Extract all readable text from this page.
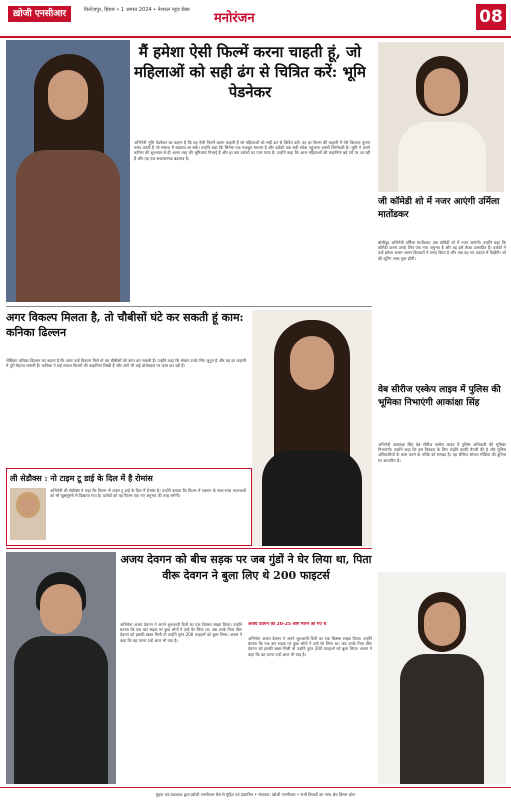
ख़ोजी एनसीआर	फ़िरोज़पुर, हिसार • 1 अगस्त 2024 • नेशनल न्यूज़ डेस्क
मनोरंजन	08
मैं हमेशा ऐसी फिल्में करना चाहती हूं, जो महिलाओं को सही ढंग से चित्रित करें: भूमि पेडनेकर
अभिनेत्री भूमि पेडनेकर का कहना है कि वह ऐसी फिल्में करना चाहती हैं जो महिलाओं को सही ढंग से चित्रित करें। वह हर फिल्म की कहानी में ऐसे किरदार चुनना पसंद करती हैं जो समाज में बदलाव ला सकें। उन्होंने कहा कि सिनेमा एक मजबूत माध्यम है और दर्शकों तक सही संदेश पहुंचाना हमारी जिम्मेदारी है। भूमि ने अपने करियर की शुरुआत से ही अलग तरह की भूमिकाएं निभाई हैं और हर बार दर्शकों का प्यार पाया है। उन्होंने कहा कि आज महिलाओं की कहानियां बड़े पर्दे पर आ रही हैं और यह एक सकारात्मक बदलाव है।
जी कॉमेडी शो में नजर आएंगी उर्मिला मातोंडकर
बॉलीवुड अभिनेत्री उर्मिला मातोंडकर अब कॉमेडी शो में नजर आएंगी। उन्होंने कहा कि कॉमेडी करना उनके लिए एक नया अनुभव है और वह इसे लेकर उत्साहित हैं। दर्शकों ने उन्हें हमेशा अलग-अलग किरदारों में पसंद किया है और अब वह नए अंदाज में दिखेंगी। शो की शूटिंग जल्द शुरू होगी।
अगर विकल्प मिलता है, तो चौबीसों घंटे कर सकती हूं काम: कनिका ढिल्लन
लेखिका कनिका ढिल्लन का कहना है कि अगर उन्हें विकल्प मिले तो वह चौबीसों घंटे काम कर सकती हैं। उन्होंने कहा कि लेखन उनके लिए जुनून है और वह हर कहानी में पूरी मेहनत लगाती हैं। कनिका ने कई सफल फिल्मों की कहानियां लिखी हैं और आगे भी कई प्रोजेक्ट्स पर काम कर रही हैं।
ली सेडौक्स : नो टाइम टू डाई के दिल में है रोमांस
अभिनेत्री ली सेडौक्स ने कहा कि फिल्म नो टाइम टू डाई के दिल में रोमांस है। उन्होंने बताया कि फिल्म में एक्शन के साथ-साथ भावनाओं को भी खूबसूरती से दिखाया गया है। दर्शकों को यह फिल्म एक नए अनुभव की तरह लगेगी।
वेब सीरीज एस्केप लाइव में पुलिस की भूमिका निभाएंगी आकांक्षा सिंह
अभिनेत्री आकांक्षा सिंह वेब सीरीज एस्केप लाइव में पुलिस अधिकारी की भूमिका निभाएंगी। उन्होंने कहा कि इस किरदार के लिए उन्होंने काफी तैयारी की है और पुलिस अधिकारियों के काम करने के तरीके को समझा है। यह सीरीज सोशल मीडिया की दुनिया पर आधारित है।
अजय देवगन को बीच सड़क पर जब गुंडों ने घेर लिया था, पिता वीरू देवगन ने बुला लिए थे 200 फाइटर्स
अभिनेता अजय देवगन ने अपने शुरुआती दिनों का एक किस्सा साझा किया। उन्होंने बताया कि एक बार सड़क पर कुछ लोगों ने उन्हें घेर लिया था। जब उनके पिता वीरू देवगन को इसकी खबर मिली तो उन्होंने तुरंत 200 फाइटर्स को बुला लिया। अजय ने कहा कि वह घटना उन्हें आज भी याद है।
अजय देवगन को 20-25 लोग मारने आ गए थे
अभिनेता अजय देवगन ने अपने शुरुआती दिनों का एक किस्सा साझा किया। उन्होंने बताया कि एक बार सड़क पर कुछ लोगों ने उन्हें घेर लिया था। जब उनके पिता वीरू देवगन को इसकी खबर मिली तो उन्होंने तुरंत 200 फाइटर्स को बुला लिया। अजय ने कहा कि वह घटना उन्हें आज भी याद है।
मुद्रक एवं प्रकाशक द्वारा ख़ोजी एनसीआर प्रेस से मुद्रित एवं प्रकाशित • संपादक: ख़ोजी एनसीआर • सभी विवादों का न्याय क्षेत्र हिसार होगा
